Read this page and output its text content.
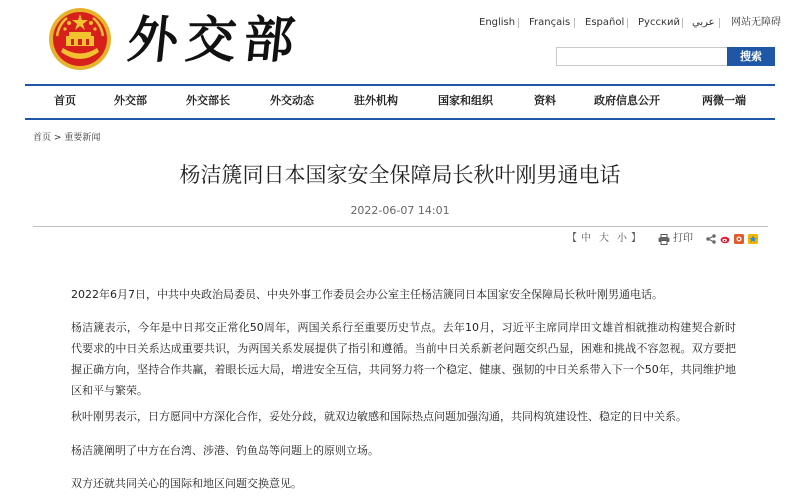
外交部	English Français Español Русский عربي 网站无障碍
搜索
首页	外交部	外交部长	外交动态	驻外机构	国家和组织	资料	政府信息公开	两微一端
首页 > 重要新闻
杨洁篪同日本国家安全保障局长秋叶刚男通电话
2022-06-07 14:01
【 中 大 小 】	打印

2022年6月7日，中共中央政治局委员、中央外事工作委员会办公室主任杨洁篪同日本国家安全保障局长秋叶刚男通电话。

杨洁篪表示，今年是中日邦交正常化50周年，两国关系行至重要历史节点。去年10月，习近平主席同岸田文雄首相就推动构建契合新时代要求的中日关系达成重要共识，为两国关系发展提供了指引和遵循。当前中日关系新老问题交织凸显，困难和挑战不容忽视。双方要把握正确方向，坚持合作共赢，着眼长远大局，增进安全互信，共同努力将一个稳定、健康、强韧的中日关系带入下一个50年，共同维护地区和平与繁荣。

秋叶刚男表示，日方愿同中方深化合作，妥处分歧，就双边敏感和国际热点问题加强沟通，共同构筑建设性、稳定的日中关系。

杨洁篪阐明了中方在台湾、涉港、钓鱼岛等问题上的原则立场。

双方还就共同关心的国际和地区问题交换意见。
